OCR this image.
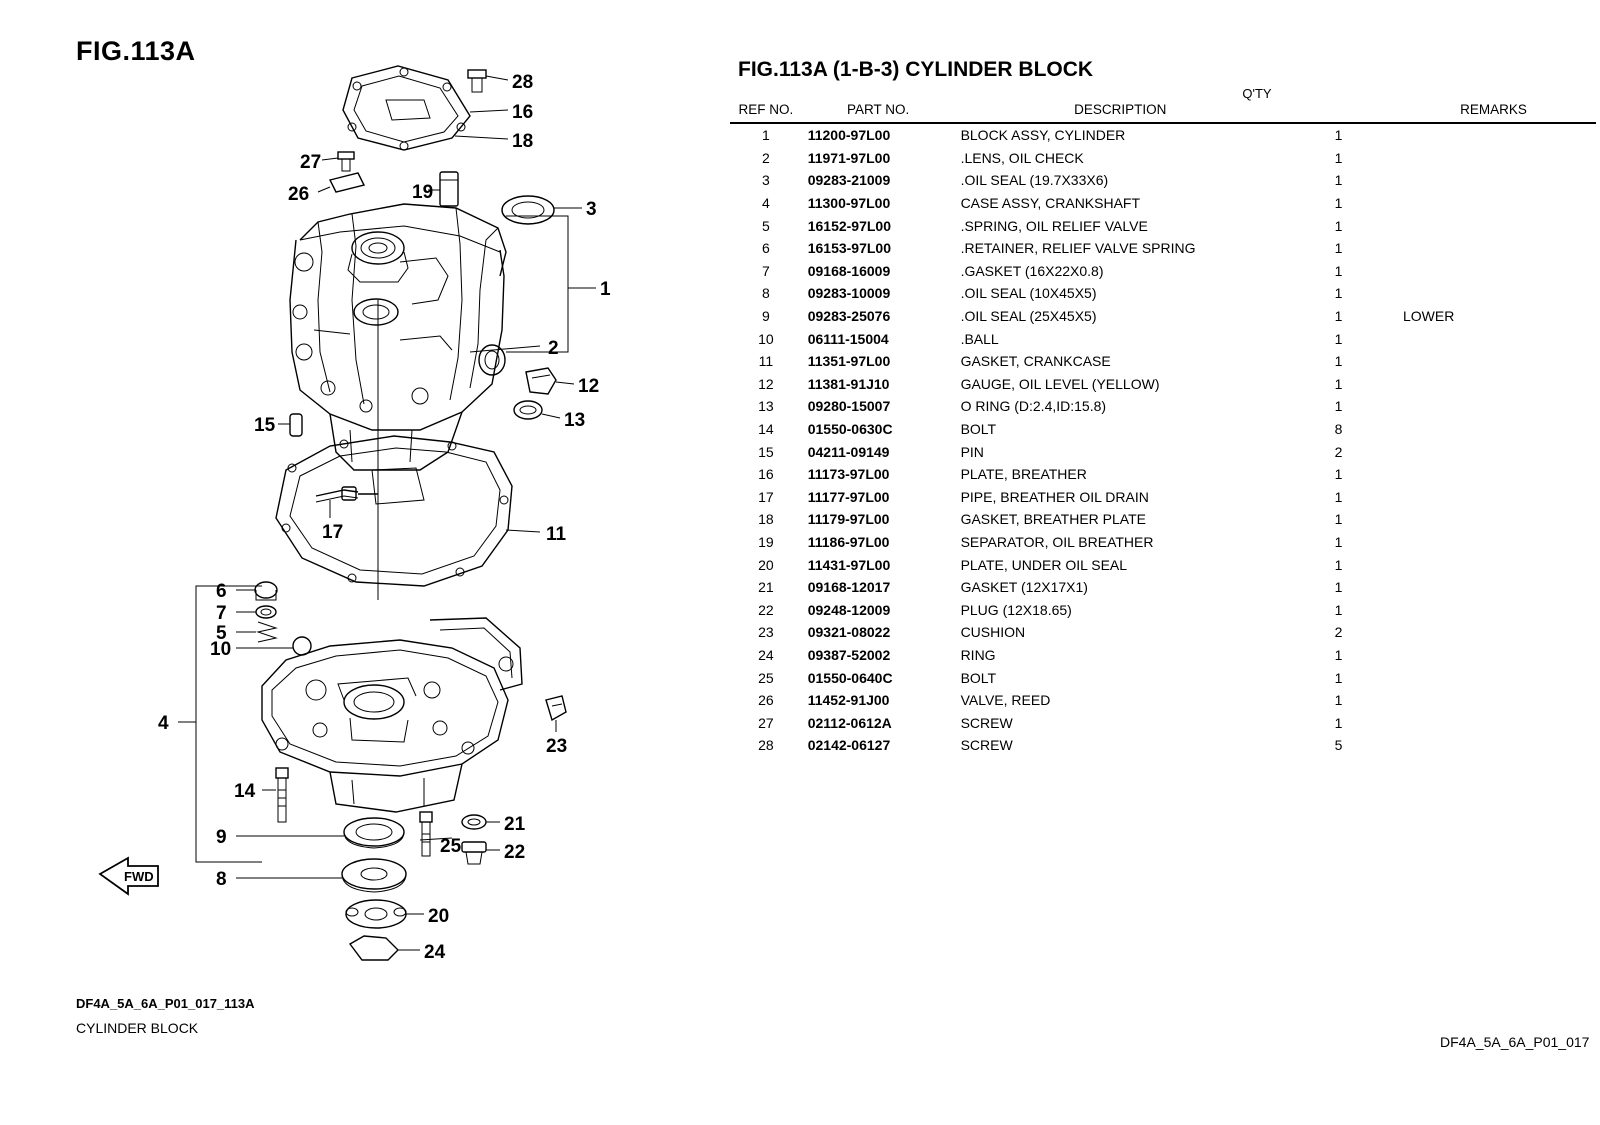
FIG.113A
28
16
18
27
26	19
3
1
2
12
13
15
11
17
6
7
5
10
4
23
14
25
21
22
9
8
20
24
FWD
DF4A_5A_6A_P01_017_113A
CYLINDER BLOCK
FIG.113A (1-B-3) CYLINDER BLOCK
Q'TY
REF NO.	PART NO.	DESCRIPTION		REMARKS
1	11200-97L00	BLOCK ASSY, CYLINDER	1	
2	11971-97L00	.LENS, OIL CHECK	1	
3	09283-21009	.OIL SEAL (19.7X33X6)	1	
4	11300-97L00	CASE ASSY, CRANKSHAFT	1	
5	16152-97L00	.SPRING, OIL RELIEF VALVE	1	
6	16153-97L00	.RETAINER, RELIEF VALVE SPRING	1	
7	09168-16009	.GASKET (16X22X0.8)	1	
8	09283-10009	.OIL SEAL (10X45X5)	1	
9	09283-25076	.OIL SEAL (25X45X5)	1	LOWER
10	06111-15004	.BALL	1	
11	11351-97L00	GASKET, CRANKCASE	1	
12	11381-91J10	GAUGE, OIL LEVEL (YELLOW)	1	
13	09280-15007	O RING (D:2.4,ID:15.8)	1	
14	01550-0630C	BOLT	8	
15	04211-09149	PIN	2	
16	11173-97L00	PLATE, BREATHER	1	
17	11177-97L00	PIPE, BREATHER OIL DRAIN	1	
18	11179-97L00	GASKET, BREATHER PLATE	1	
19	11186-97L00	SEPARATOR, OIL BREATHER	1	
20	11431-97L00	PLATE, UNDER OIL SEAL	1	
21	09168-12017	GASKET (12X17X1)	1	
22	09248-12009	PLUG (12X18.65)	1	
23	09321-08022	CUSHION	2	
24	09387-52002	RING	1	
25	01550-0640C	BOLT	1	
26	11452-91J00	VALVE, REED	1	
27	02112-0612A	SCREW	1	
28	02142-06127	SCREW	5	
DF4A_5A_6A_P01_017
